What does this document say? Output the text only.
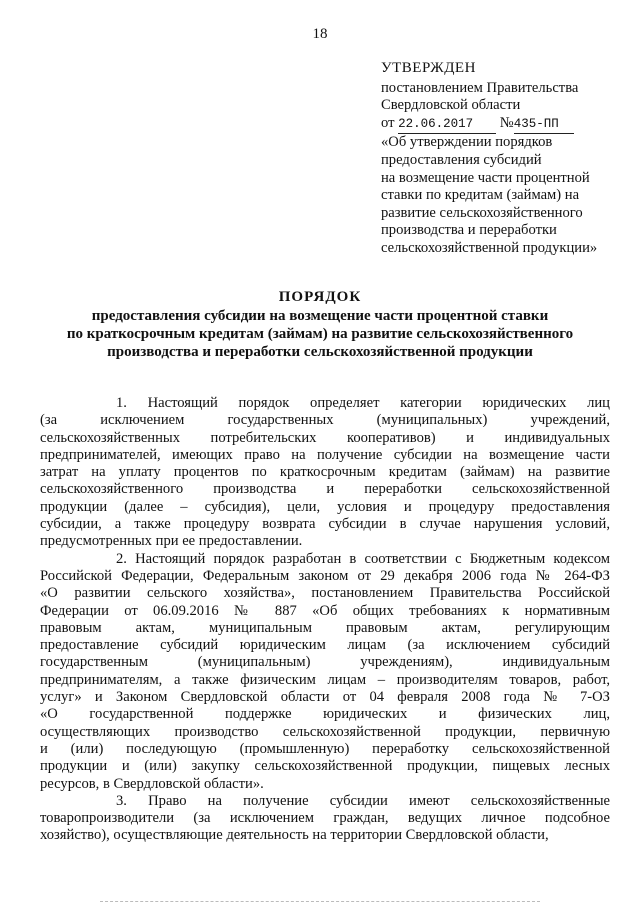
18
УТВЕРЖДЕН
постановлением Правительства
Свердловской области
от 22.06.2017 №435-ПП
«Об утверждении порядков
предоставления субсидий
на возмещение части процентной
ставки по кредитам (займам) на
развитие сельскохозяйственного
производства и переработки
сельскохозяйственной продукции»
ПОРЯДОК
предоставления субсидии на возмещение части процентной ставки
по краткосрочным кредитам (займам) на развитие сельскохозяйственного
производства и переработки сельскохозяйственной продукции
1. Настоящий порядок определяет категории юридических лиц
(за исключением государственных (муниципальных) учреждений,
сельскохозяйственных потребительских кооперативов) и индивидуальных
предпринимателей, имеющих право на получение субсидии на возмещение части
затрат на уплату процентов по краткосрочным кредитам (займам) на развитие
сельскохозяйственного производства и переработки сельскохозяйственной
продукции (далее – субсидия), цели, условия и процедуру предоставления
субсидии, а также процедуру возврата субсидии в случае нарушения условий,
предусмотренных при ее предоставлении.
2. Настоящий порядок разработан в соответствии с Бюджетным кодексом
Российской Федерации, Федеральным законом от 29 декабря 2006 года № 264-ФЗ
«О развитии сельского хозяйства», постановлением Правительства Российской
Федерации от 06.09.2016 № 887 «Об общих требованиях к нормативным
правовым актам, муниципальным правовым актам, регулирующим
предоставление субсидий юридическим лицам (за исключением субсидий
государственным (муниципальным) учреждениям), индивидуальным
предпринимателям, а также физическим лицам – производителям товаров, работ,
услуг» и Законом Свердловской области от 04 февраля 2008 года № 7-ОЗ
«О государственной поддержке юридических и физических лиц,
осуществляющих производство сельскохозяйственной продукции, первичную
и (или) последующую (промышленную) переработку сельскохозяйственной
продукции и (или) закупку сельскохозяйственной продукции, пищевых лесных
ресурсов, в Свердловской области».
3. Право на получение субсидии имеют сельскохозяйственные
товаропроизводители (за исключением граждан, ведущих личное подсобное
хозяйство), осуществляющие деятельность на территории Свердловской области,
